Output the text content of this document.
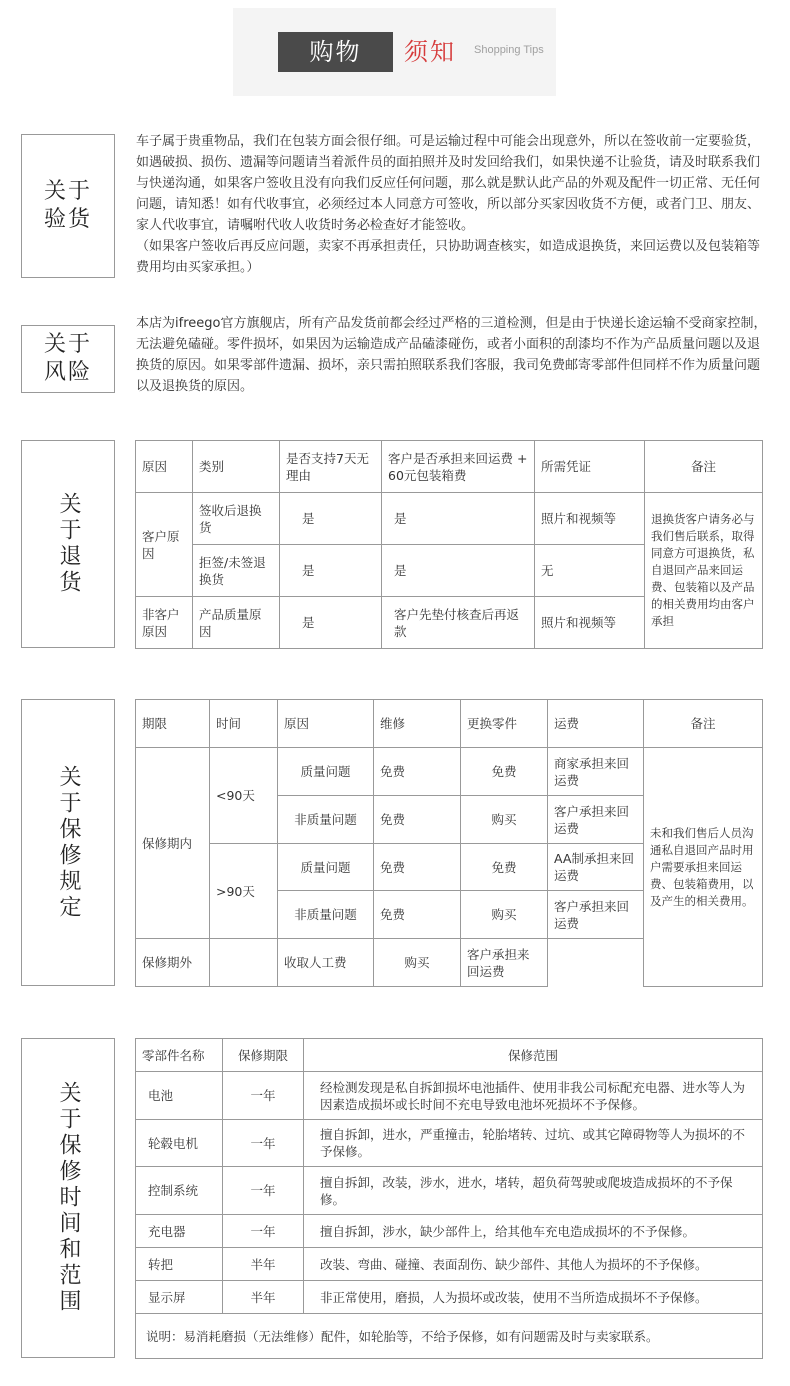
购物	须知 Shopping Tips
关于
验货

车子属于贵重物品，我们在包装方面会很仔细。可是运输过程中可能会出现意外，所以在签收前一定要验货，如遇破损、损伤、遗漏等问题请当着派件员的面拍照并及时发回给我们，如果快递不让验货，请及时联系我们与快递沟通，如果客户签收且没有向我们反应任何问题，那么就是默认此产品的外观及配件一切正常、无任何问题，请知悉！如有代收事宜，必须经过本人同意方可签收，所以部分买家因收货不方便，或者门卫、朋友、家人代收事宜，请嘱咐代收人收货时务必检查好才能签收。

（如果客户签收后再反应问题，卖家不再承担责任，只协助调查核实，如造成退换货，来回运费以及包装箱等费用均由买家承担。）

关于
风险

本店为ifreego官方旗舰店，所有产品发货前都会经过严格的三道检测，但是由于快递长途运输不受商家控制，无法避免磕碰。零件损坏，如果因为运输造成产品磕漆碰伤，或者小面积的刮漆均不作为产品质量问题以及退换货的原因。如果零部件遗漏、损坏，亲只需拍照联系我们客服，我司免费邮寄零部件但同样不作为质量问题以及退换货的原因。

关于退货
原因	类别	是否支持7天无理由	客户是否承担来回运费 + 60元包装箱费	所需凭证	备注
客户原因	签收后退换货	是	是	照片和视频等	退换货客户请务必与我们售后联系，取得同意方可退换货，私自退回产品来回运费、包装箱以及产品的相关费用均由客户承担
	拒签/未签退换货	是	是	无	
非客户原因	产品质量原因	是	客户先垫付核查后再返款	照片和视频等	
关于保修规定
期限	时间	原因	维修	更换零件	运费	备注
保修期内	<90天	质量问题	免费	免费	商家承担来回运费	未和我们售后人员沟通私自退回产品时用户需要承担来回运费、包装箱费用，以及产生的相关费用。
		非质量问题	免费	购买	客户承担来回运费	
	>90天	质量问题	免费	免费	AA制承担来回运费	
		非质量问题	免费	购买	客户承担来回运费	
保修期外		收取人工费	购买	客户承担来回运费		
关于保修时间和范围
零部件名称	保修期限	保修范围
电池	一年	经检测发现是私自拆卸损坏电池插件、使用非我公司标配充电器、进水等人为因素造成损坏或长时间不充电导致电池坏死损坏不予保修。
轮毂电机	一年	擅自拆卸，进水，严重撞击，轮胎堵转、过坑、或其它障碍物等人为损坏的不予保修。
控制系统	一年	擅自拆卸，改装，涉水，进水，堵转，超负荷驾驶或爬坡造成损坏的不予保修。
充电器	一年	擅自拆卸，涉水，缺少部件上，给其他车充电造成损坏的不予保修。
转把	半年	改装、弯曲、碰撞、表面刮伤、缺少部件、其他人为损坏的不予保修。
显示屏	半年	非正常使用，磨损，人为损坏或改装，使用不当所造成损坏不予保修。
说明：易消耗磨损（无法维修）配件，如轮胎等，不给予保修，如有问题需及时与卖家联系。		
